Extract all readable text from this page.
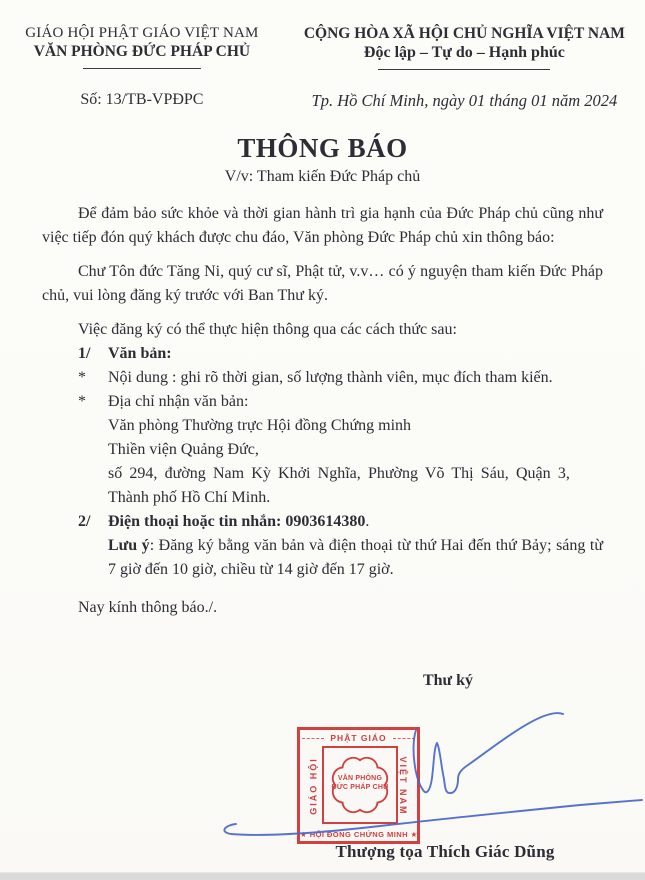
GIÁO HỘI PHẬT GIÁO VIỆT NAM
VĂN PHÒNG ĐỨC PHÁP CHỦ
CỘNG HÒA XÃ HỘI CHỦ NGHĨA VIỆT NAM
Độc lập – Tự do – Hạnh phúc
Số: 13/TB-VPĐPC	Tp. Hồ Chí Minh, ngày 01 tháng 01 năm 2024
THÔNG BÁO
V/v: Tham kiến Đức Pháp chủ

Để đảm bảo sức khỏe và thời gian hành trì gia hạnh của Đức Pháp chủ cũng như việc tiếp đón quý khách được chu đáo, Văn phòng Đức Pháp chủ xin thông báo:

Chư Tôn đức Tăng Ni, quý cư sĩ, Phật tử, v.v… có ý nguyện tham kiến Đức Pháp chủ, vui lòng đăng ký trước với Ban Thư ký.

Việc đăng ký có thể thực hiện thông qua các cách thức sau:

1/ Văn bản:
* Nội dung : ghi rõ thời gian, số lượng thành viên, mục đích tham kiến.
* Địa chỉ nhận văn bản:
Văn phòng Thường trực Hội đồng Chứng minh
Thiền viện Quảng Đức,
số 294, đường Nam Kỳ Khởi Nghĩa, Phường Võ Thị Sáu, Quận 3,
Thành phố Hồ Chí Minh.
2/ Điện thoại hoặc tin nhắn: 0903614380.
Lưu ý: Đăng ký bằng văn bản và điện thoại từ thứ Hai đến thứ Bảy; sáng từ 7 giờ đến 10 giờ, chiều từ 14 giờ đến 17 giờ.

Nay kính thông báo./.

Thư ký
PHẬT GIÁO
GIÁO HỘI	VIỆT NAM
VĂN PHÒNG
ĐỨC PHÁP CHỦ
★ HỘI ĐỒNG CHỨNG MINH ★
Thượng tọa Thích Giác Dũng
